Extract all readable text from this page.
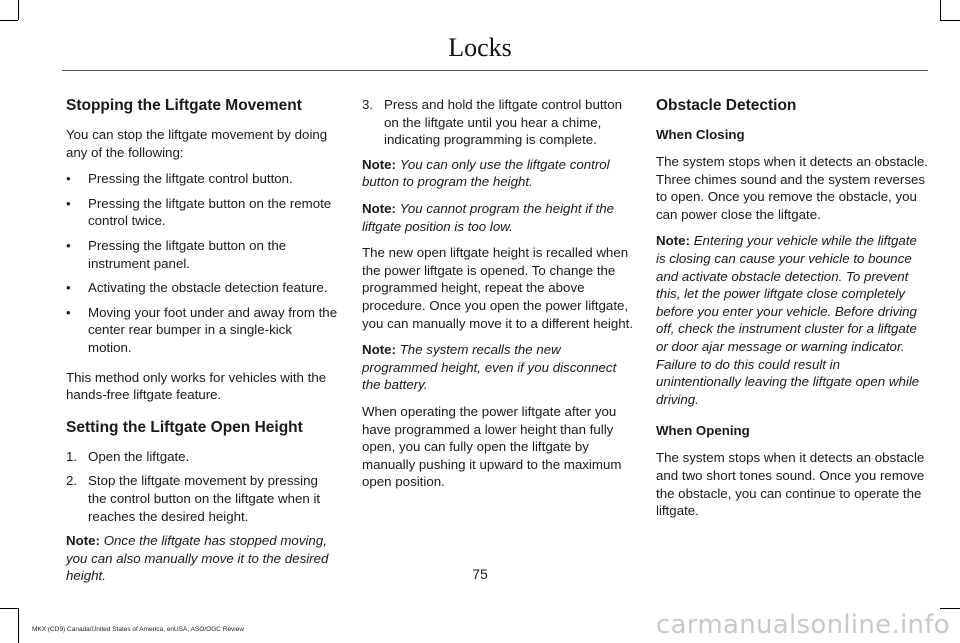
Locks
Stopping the Liftgate Movement

You can stop the liftgate movement by doing any of the following:

•	Pressing the liftgate control button.
•	Pressing the liftgate button on the remote control twice.
•	Pressing the liftgate button on the instrument panel.
•	Activating the obstacle detection feature.
•	Moving your foot under and away from the center rear bumper in a single-kick motion.

This method only works for vehicles with the hands-free liftgate feature.

Setting the Liftgate Open Height
1. Open the liftgate.
2. Stop the liftgate movement by pressing the control button on the liftgate when it reaches the desired height.

Note: Once the liftgate has stopped moving, you can also manually move it to the desired height.

3. Press and hold the liftgate control button on the liftgate until you hear a chime, indicating programming is complete.

Note: You can only use the liftgate control button to program the height.

Note: You cannot program the height if the liftgate position is too low.

The new open liftgate height is recalled when the power liftgate is opened. To change the programmed height, repeat the above procedure. Once you open the power liftgate, you can manually move it to a different height.

Note: The system recalls the new programmed height, even if you disconnect the battery.

When operating the power liftgate after you have programmed a lower height than fully open, you can fully open the liftgate by manually pushing it upward to the maximum open position.

Obstacle Detection
When Closing

The system stops when it detects an obstacle. Three chimes sound and the system reverses to open. Once you remove the obstacle, you can power close the liftgate.

Note: Entering your vehicle while the liftgate is closing can cause your vehicle to bounce and activate obstacle detection. To prevent this, let the power liftgate close completely before you enter your vehicle. Before driving off, check the instrument cluster for a liftgate or door ajar message or warning indicator. Failure to do this could result in unintentionally leaving the liftgate open while driving.

When Opening

The system stops when it detects an obstacle and two short tones sound. Once you remove the obstacle, you can continue to operate the liftgate.

75
MKX (CD9) Canada/United States of America, enUSA, ASO/OGC Review	carmanualsonline.info
